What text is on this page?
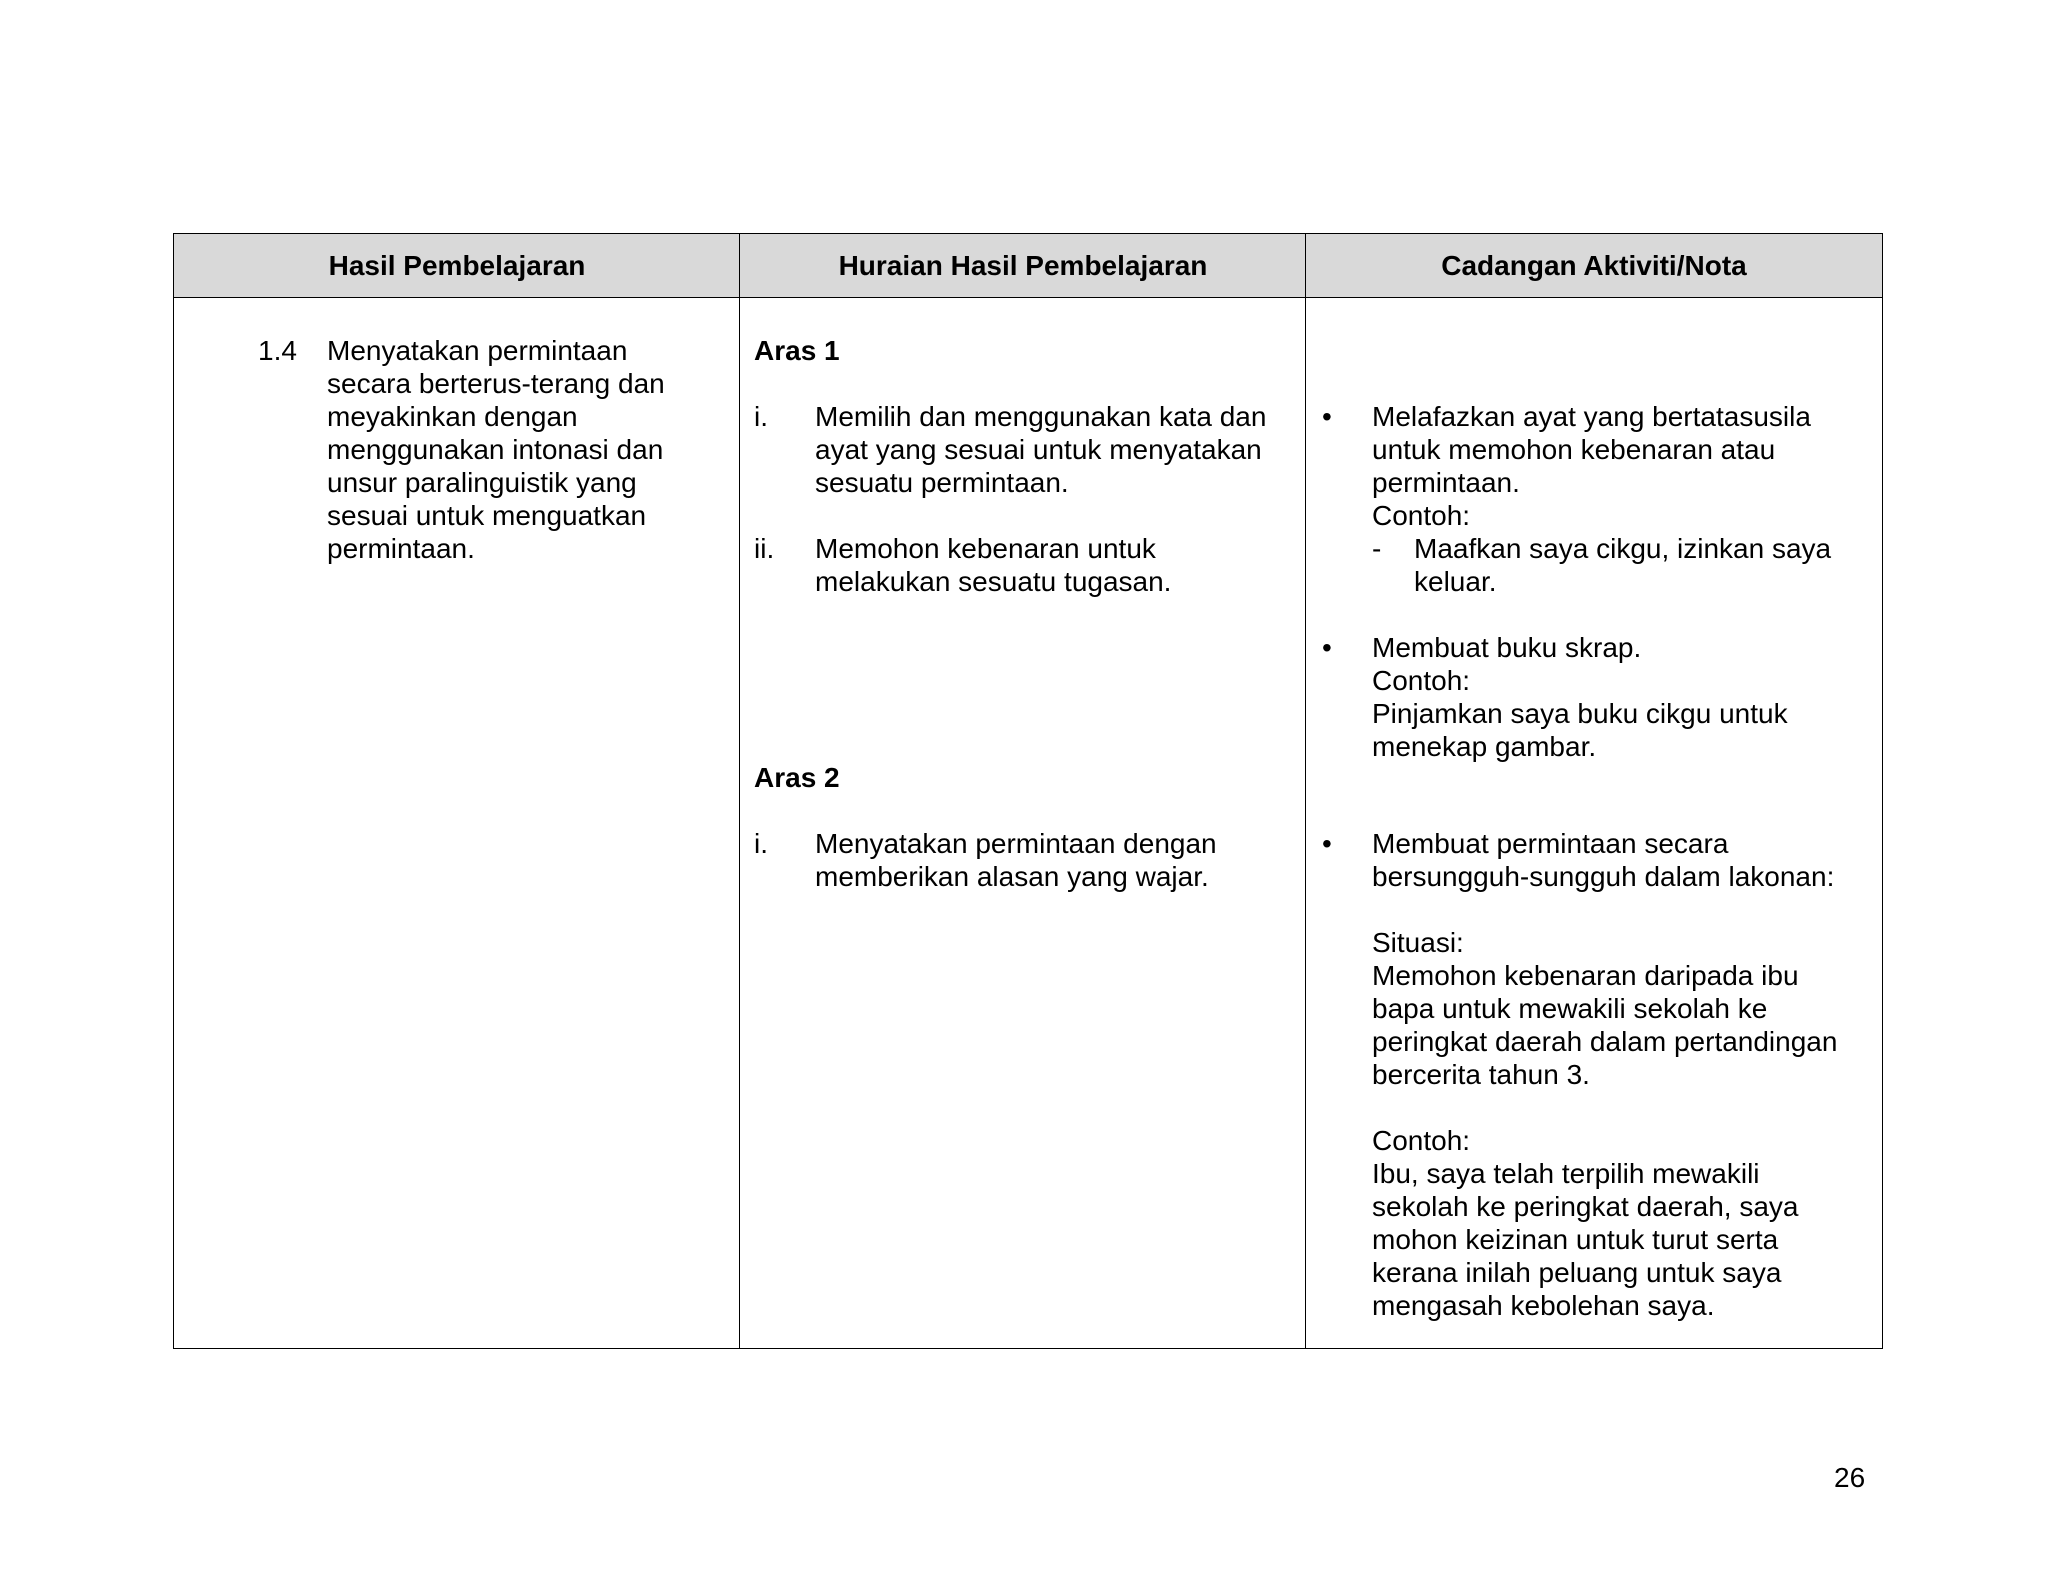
Hasil Pembelajaran	Huraian Hasil Pembelajaran	Cadangan Aktiviti/Nota
1.4 Menyatakan permintaan
secara berterus-terang dan
meyakinkan dengan
menggunakan intonasi dan
unsur paralinguistik yang
sesuai untuk menguatkan
permintaan.
Aras 1
i. Memilih dan menggunakan kata dan
ayat yang sesuai untuk menyatakan
sesuatu permintaan.
ii. Memohon kebenaran untuk
melakukan sesuatu tugasan.
Aras 2
i. Menyatakan permintaan dengan
memberikan alasan yang wajar.
• Melafazkan ayat yang bertatasusila
untuk memohon kebenaran atau
permintaan.
Contoh:
- Maafkan saya cikgu, izinkan saya
keluar.
• Membuat buku skrap.
Contoh:
Pinjamkan saya buku cikgu untuk
menekap gambar.
• Membuat permintaan secara
bersungguh-sungguh dalam lakonan:
Situasi:
Memohon kebenaran daripada ibu
bapa untuk mewakili sekolah ke
peringkat daerah dalam pertandingan
bercerita tahun 3.
Contoh:
Ibu, saya telah terpilih mewakili
sekolah ke peringkat daerah, saya
mohon keizinan untuk turut serta
kerana inilah peluang untuk saya
mengasah kebolehan saya.
26
